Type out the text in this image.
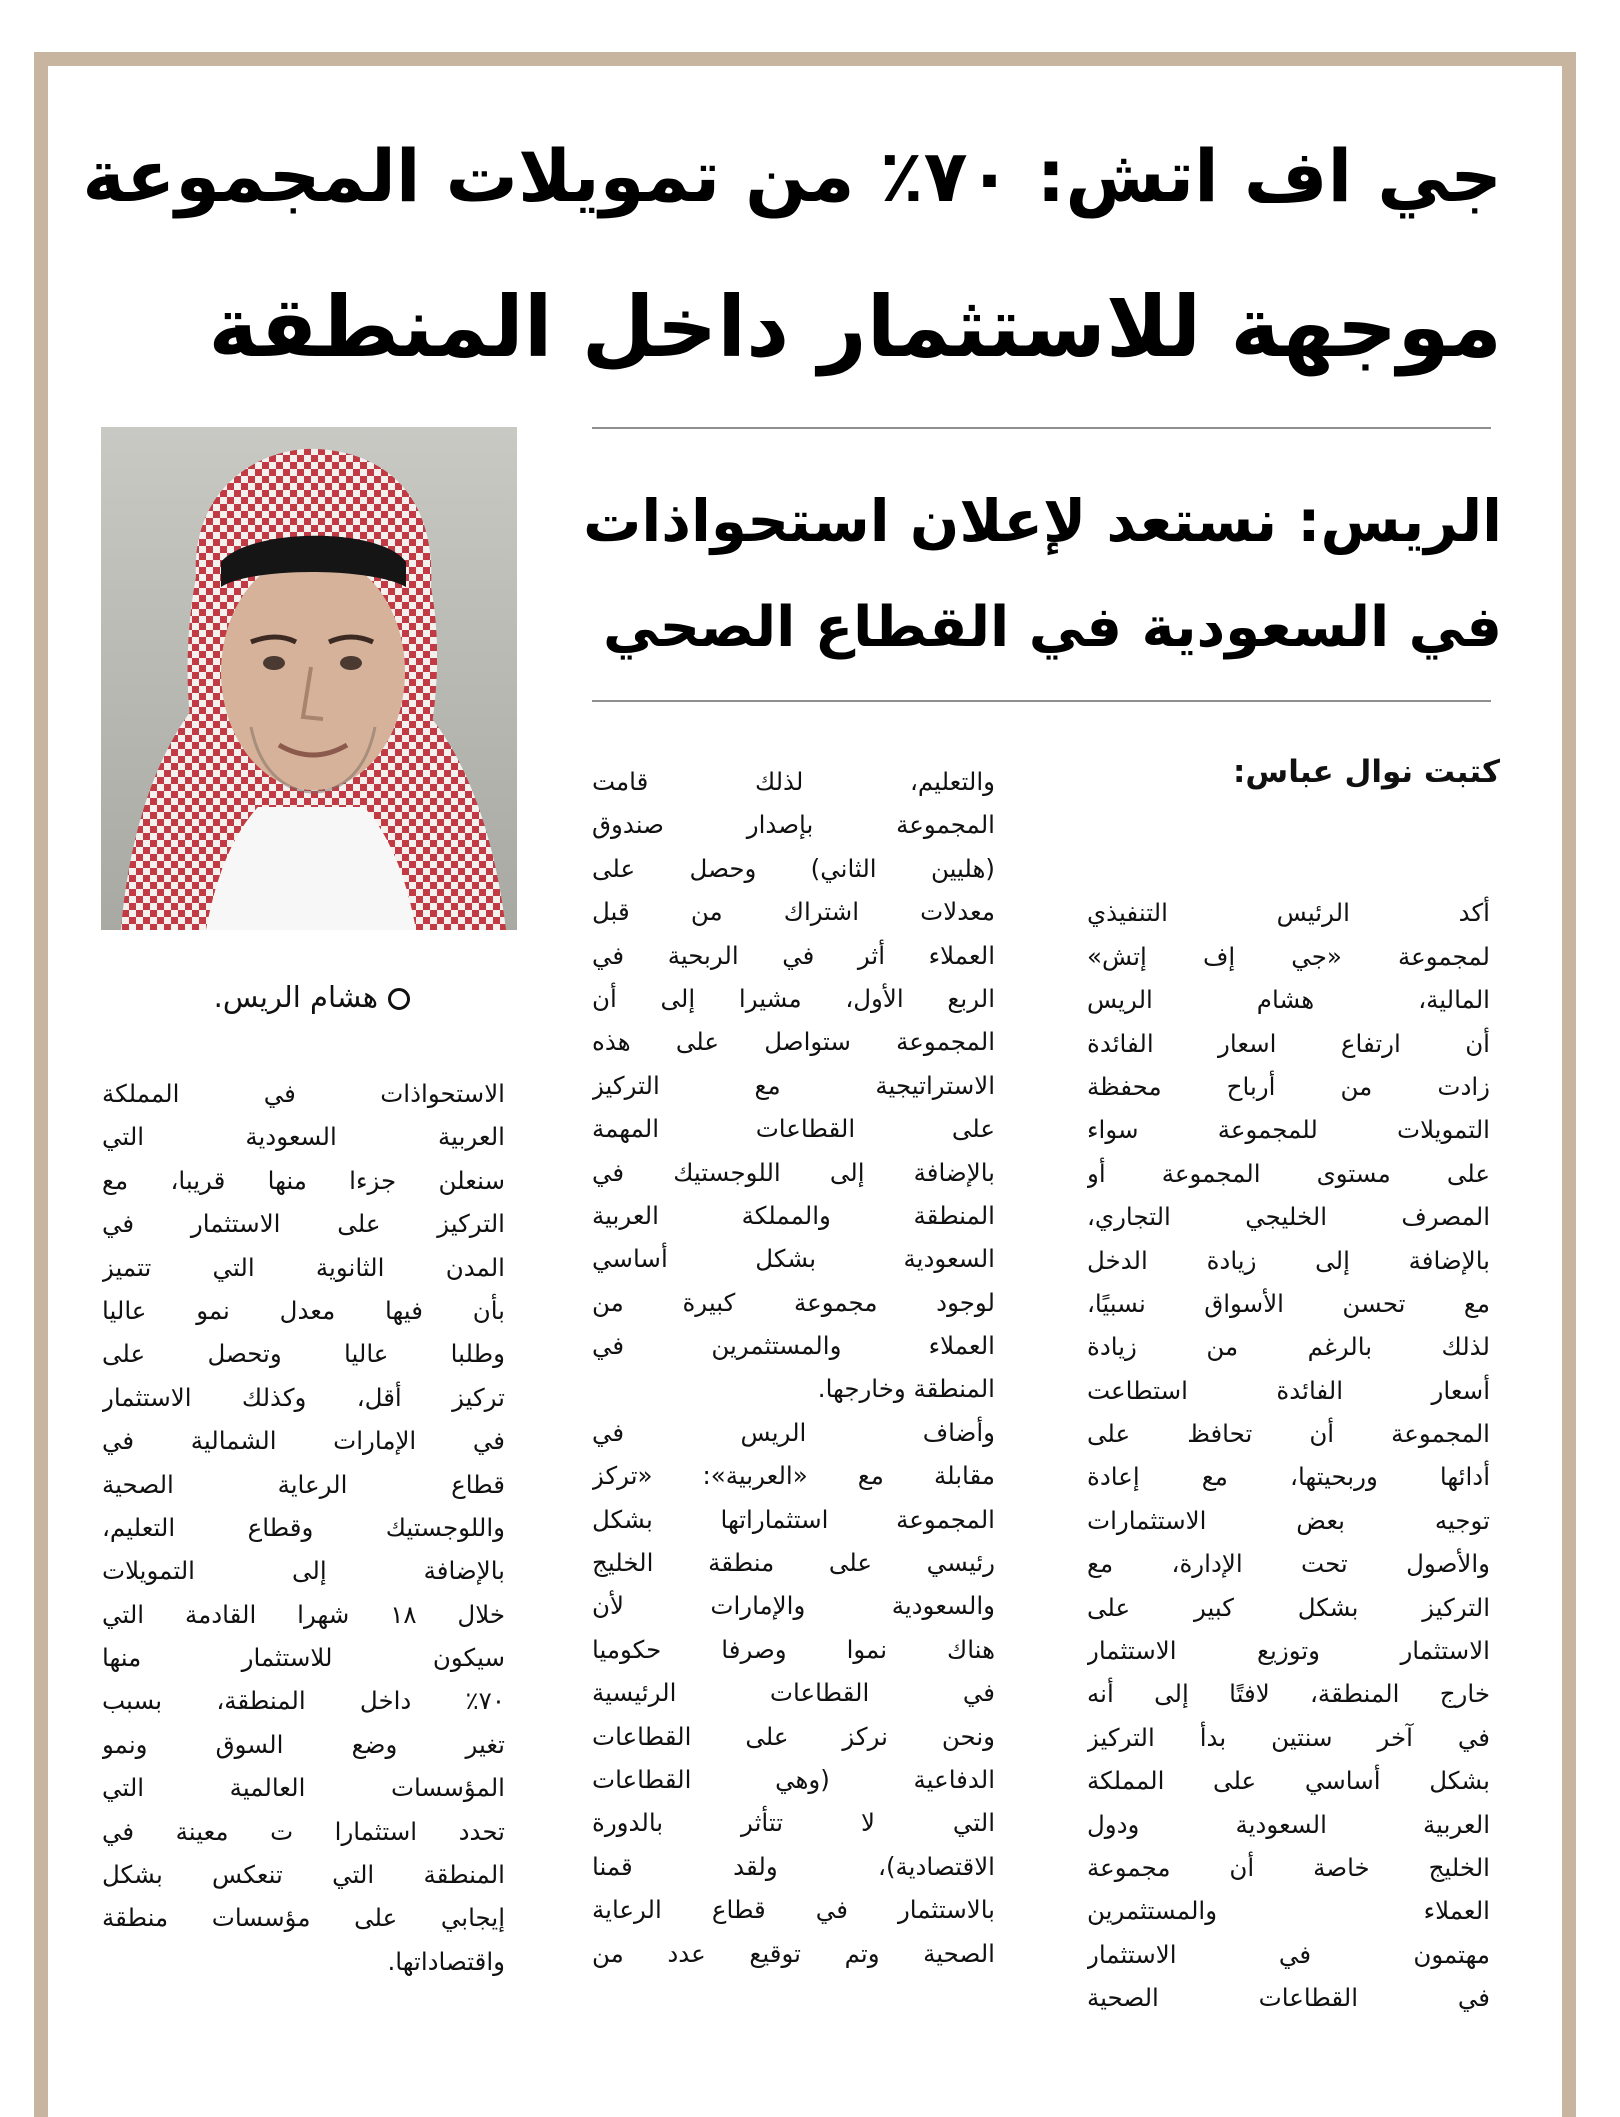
جي اف اتش: ٧٠٪ من تمويلات المجموعة
موجهة للاستثمار داخل المنطقة
الريس: نستعد لإعلان استحواذات
في السعودية في القطاع الصحي
هشام الريس.
كتبت نوال عباس:
أكد الرئيس التنفيذي
لمجموعة «جي إف إتش»
المالية، هشام الريس
أن ارتفاع اسعار الفائدة
زادت من أرباح محفظة
التمويلات للمجموعة سواء
على مستوى المجموعة أو
المصرف الخليجي التجاري،
بالإضافة إلى زيادة الدخل
مع تحسن الأسواق نسبيًا،
لذلك بالرغم من زيادة
أسعار الفائدة استطاعت
المجموعة أن تحافظ على
أدائها وربحيتها، مع إعادة
توجيه بعض الاستثمارات
والأصول تحت الإدارة، مع
التركيز بشكل كبير على
الاستثمار وتوزيع الاستثمار
خارج المنطقة، لافتًا إلى أنه
في آخر سنتين بدأ التركيز
بشكل أساسي على المملكة
العربية السعودية ودول
الخليج خاصة أن مجموعة
العملاء والمستثمرين
مهتمون في الاستثمار
في القطاعات الصحية
والتعليم، لذلك قامت
المجموعة بإصدار صندوق
(هليين الثاني) وحصل على
معدلات اشتراك من قبل
العملاء أثر في الربحية في
الربع الأول، مشيرا إلى أن
المجموعة ستواصل على هذه
الاستراتيجية مع التركيز
على القطاعات المهمة
بالإضافة إلى اللوجستيك في
المنطقة والمملكة العربية
السعودية بشكل أساسي
لوجود مجموعة كبيرة من
العملاء والمستثمرين في
المنطقة وخارجها.
وأضاف الريس في
مقابلة مع «العربية»: «تركز
المجموعة استثماراتها بشكل
رئيسي على منطقة الخليج
والسعودية والإمارات لأن
هناك نموا وصرفا حكوميا
في القطاعات الرئيسية
ونحن نركز على القطاعات
الدفاعية (وهي القطاعات
التي لا تتأثر بالدورة
الاقتصادية)، ولقد قمنا
بالاستثمار في قطاع الرعاية
الصحية وتم توقيع عدد من
الاستحواذات في المملكة
العربية السعودية التي
سنعلن جزءا منها قريبا، مع
التركيز على الاستثمار في
المدن الثانوية التي تتميز
بأن فيها معدل نمو عاليا
وطلبا عاليا وتحصل على
تركيز أقل، وكذلك الاستثمار
في الإمارات الشمالية في
قطاع الرعاية الصحية
واللوجستيك وقطاع التعليم،
بالإضافة إلى التمويلات
خلال ١٨ شهرا القادمة التي
سيكون للاستثمار منها
٧٠٪ داخل المنطقة، بسبب
تغير وضع السوق ونمو
المؤسسات العالمية التي
تحدد استثمارا ت معينة في
المنطقة التي تنعكس بشكل
إيجابي على مؤسسات منطقة
واقتصاداتها.
